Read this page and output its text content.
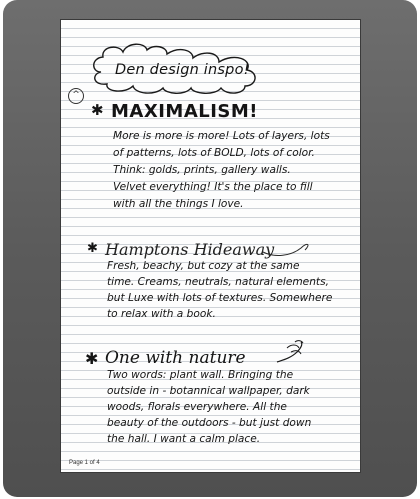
Den design inspo!
^
✱ MAXIMALISM!
More is more is more! Lots of layers, lots
of patterns, lots of BOLD, lots of color.
Think: golds, prints, gallery walls.
Velvet everything! It's the place to fill
with all the things I love.
✱ Hamptons Hideaway
Fresh, beachy, but cozy at the same
time. Creams, neutrals, natural elements,
but Luxe with lots of textures. Somewhere
to relax with a book.
✱ One with nature
Two words: plant wall. Bringing the
outside in - botannical wallpaper, dark
woods, florals everywhere. All the
beauty of the outdoors - but just down
the hall. I want a calm place.
Page 1 of 4
